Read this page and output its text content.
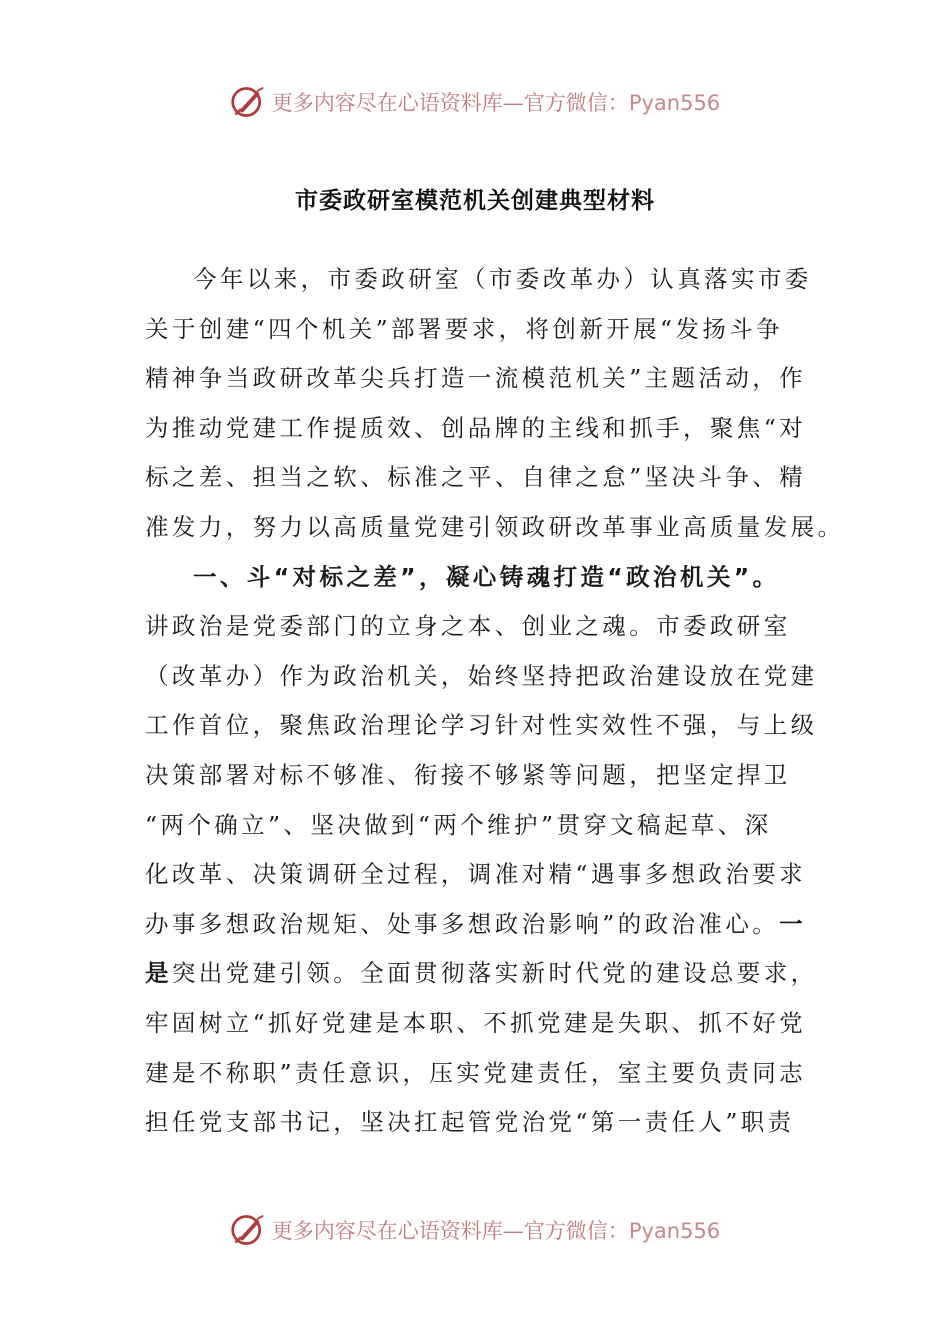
更多内容尽在心语资料库—官方微信：Pyan556
市委政研室模范机关创建典型材料
今年以来，市委政研室（市委改革办）认真落实市委
关于创建“四个机关”部署要求，将创新开展“发扬斗争
精神争当政研改革尖兵打造一流模范机关”主题活动，作
为推动党建工作提质效、创品牌的主线和抓手，聚焦“对
标之差、担当之软、标准之平、自律之怠”坚决斗争、精
准发力，努力以高质量党建引领政研改革事业高质量发展。
一、斗“对标之差”，凝心铸魂打造“政治机关”。
讲政治是党委部门的立身之本、创业之魂。市委政研室
（改革办）作为政治机关，始终坚持把政治建设放在党建
工作首位，聚焦政治理论学习针对性实效性不强，与上级
决策部署对标不够准、衔接不够紧等问题，把坚定捍卫
“两个确立”、坚决做到“两个维护”贯穿文稿起草、深
化改革、决策调研全过程，调准对精“遇事多想政治要求
办事多想政治规矩、处事多想政治影响”的政治准心。一
是突出党建引领。全面贯彻落实新时代党的建设总要求，
牢固树立“抓好党建是本职、不抓党建是失职、抓不好党
建是不称职”责任意识，压实党建责任，室主要负责同志
担任党支部书记，坚决扛起管党治党“第一责任人”职责
更多内容尽在心语资料库—官方微信：Pyan556
